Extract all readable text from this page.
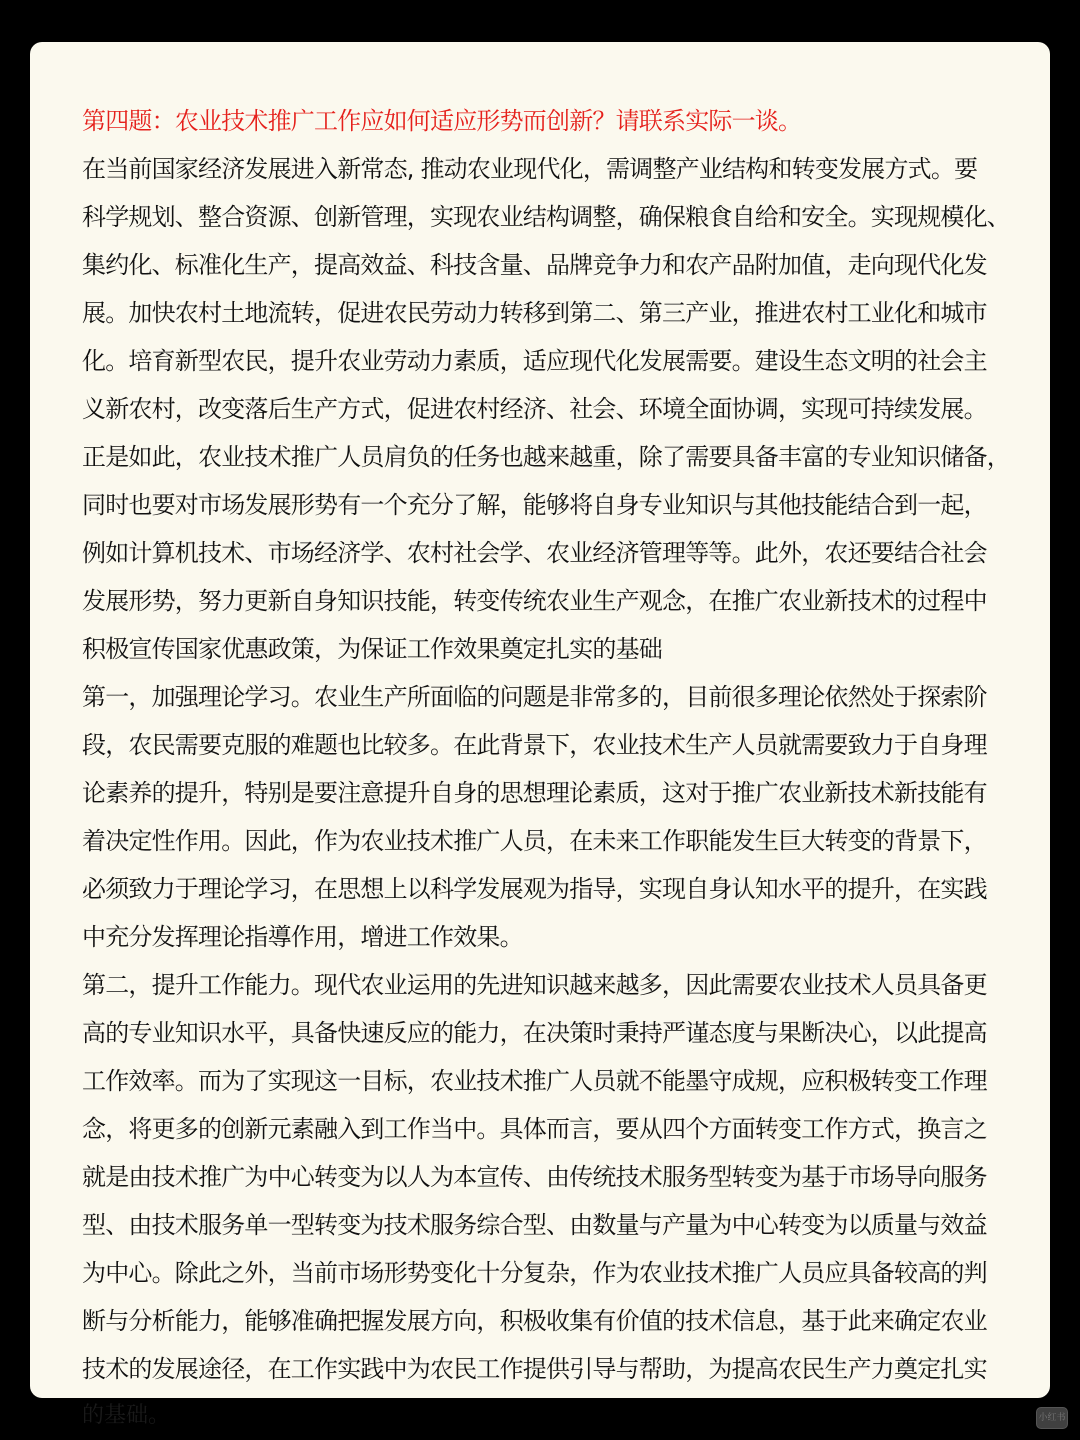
第四题：农业技术推广工作应如何适应形势而创新？请联系实际一谈。
在当前国家经济发展进入新常态, 推动农业现代化，需调整产业结构和转变发展方式。要
科学规划、整合资源、创新管理，实现农业结构调整，确保粮食自给和安全。实现规模化、
集约化、标准化生产，提高效益、科技含量、品牌竞争力和农产品附加值，走向现代化发
展。加快农村土地流转，促进农民劳动力转移到第二、第三产业，推进农村工业化和城市
化。培育新型农民，提升农业劳动力素质，适应现代化发展需要。建设生态文明的社会主
义新农村，改变落后生产方式，促进农村经济、社会、环境全面协调，实现可持续发展。
正是如此，农业技术推广人员肩负的任务也越来越重，除了需要具备丰富的专业知识储备，
同时也要对市场发展形势有一个充分了解，能够将自身专业知识与其他技能结合到一起，
例如计算机技术、市场经济学、农村社会学、农业经济管理等等。此外，农还要结合社会
发展形势，努力更新自身知识技能，转变传统农业生产观念，在推广农业新技术的过程中
积极宣传国家优惠政策，为保证工作效果奠定扎实的基础
第一，加强理论学习。农业生产所面临的问题是非常多的，目前很多理论依然处于探索阶
段，农民需要克服的难题也比较多。在此背景下，农业技术生产人员就需要致力于自身理
论素养的提升，特别是要注意提升自身的思想理论素质，这对于推广农业新技术新技能有
着决定性作用。因此，作为农业技术推广人员，在未来工作职能发生巨大转变的背景下，
必须致力于理论学习，在思想上以科学发展观为指导，实现自身认知水平的提升，在实践
中充分发挥理论指導作用，增进工作效果。
第二，提升工作能力。现代农业运用的先进知识越来越多，因此需要农业技术人员具备更
高的专业知识水平，具备快速反应的能力，在决策时秉持严谨态度与果断决心，以此提高
工作效率。而为了实现这一目标，农业技术推广人员就不能墨守成规，应积极转变工作理
念，将更多的创新元素融入到工作当中。具体而言，要从四个方面转变工作方式，换言之
就是由技术推广为中心转变为以人为本宣传、由传统技术服务型转变为基于市场导向服务
型、由技术服务单一型转变为技术服务综合型、由数量与产量为中心转变为以质量与效益
为中心。除此之外，当前市场形势变化十分复杂，作为农业技术推广人员应具备较高的判
断与分析能力，能够准确把握发展方向，积极收集有价值的技术信息，基于此来确定农业
技术的发展途径，在工作实践中为农民工作提供引导与帮助，为提高农民生产力奠定扎实
的基础。	小红书
